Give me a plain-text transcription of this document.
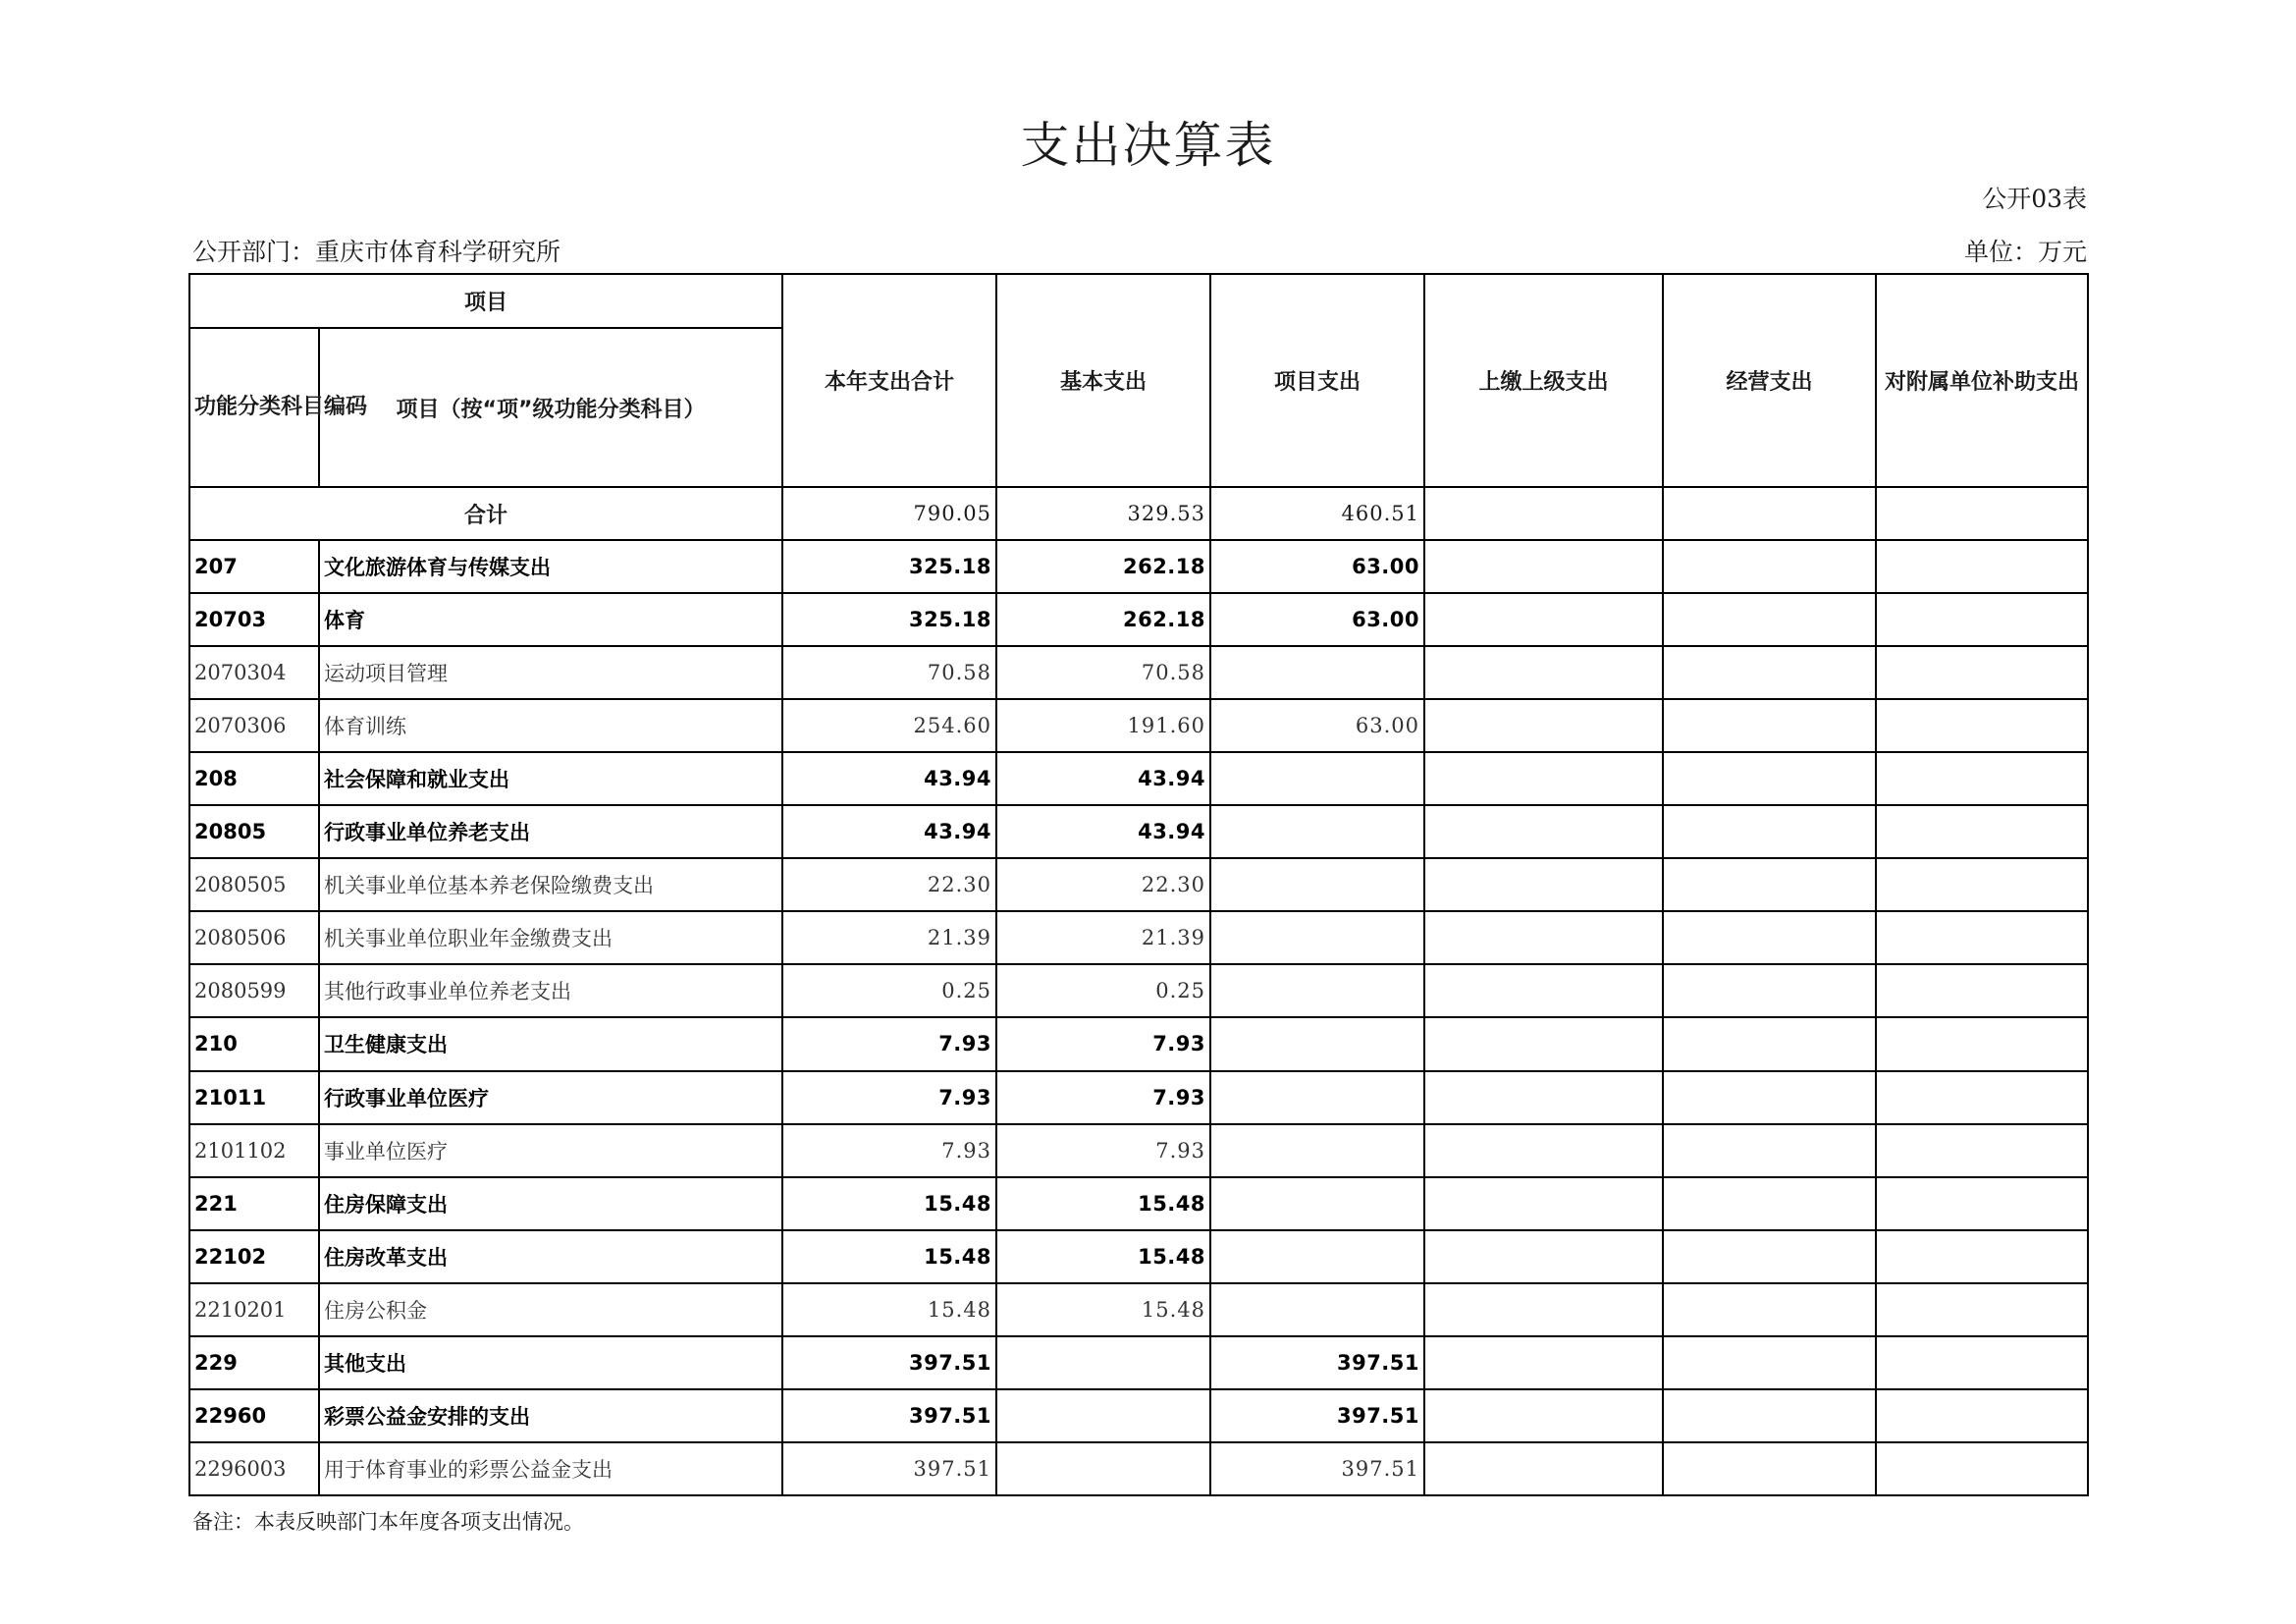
支出决算表
公开03表
公开部门：重庆市体育科学研究所	单位：万元
项目		本年支出合计	基本支出	项目支出	上缴上级支出	经营支出	对附属单位补助支出
功能分类科目编码	项目（按“项”级功能分类科目）						
合计		790.05	329.53	460.51			
207	文化旅游体育与传媒支出	325.18	262.18	63.00			
20703	体育	325.18	262.18	63.00			
2070304	运动项目管理	70.58	70.58				
2070306	体育训练	254.60	191.60	63.00			
208	社会保障和就业支出	43.94	43.94				
20805	行政事业单位养老支出	43.94	43.94				
2080505	机关事业单位基本养老保险缴费支出	22.30	22.30				
2080506	机关事业单位职业年金缴费支出	21.39	21.39				
2080599	其他行政事业单位养老支出	0.25	0.25				
210	卫生健康支出	7.93	7.93				
21011	行政事业单位医疗	7.93	7.93				
2101102	事业单位医疗	7.93	7.93				
221	住房保障支出	15.48	15.48				
22102	住房改革支出	15.48	15.48				
2210201	住房公积金	15.48	15.48				
229	其他支出	397.51		397.51			
22960	彩票公益金安排的支出	397.51		397.51			
2296003	用于体育事业的彩票公益金支出	397.51		397.51			
备注：本表反映部门本年度各项支出情况。
